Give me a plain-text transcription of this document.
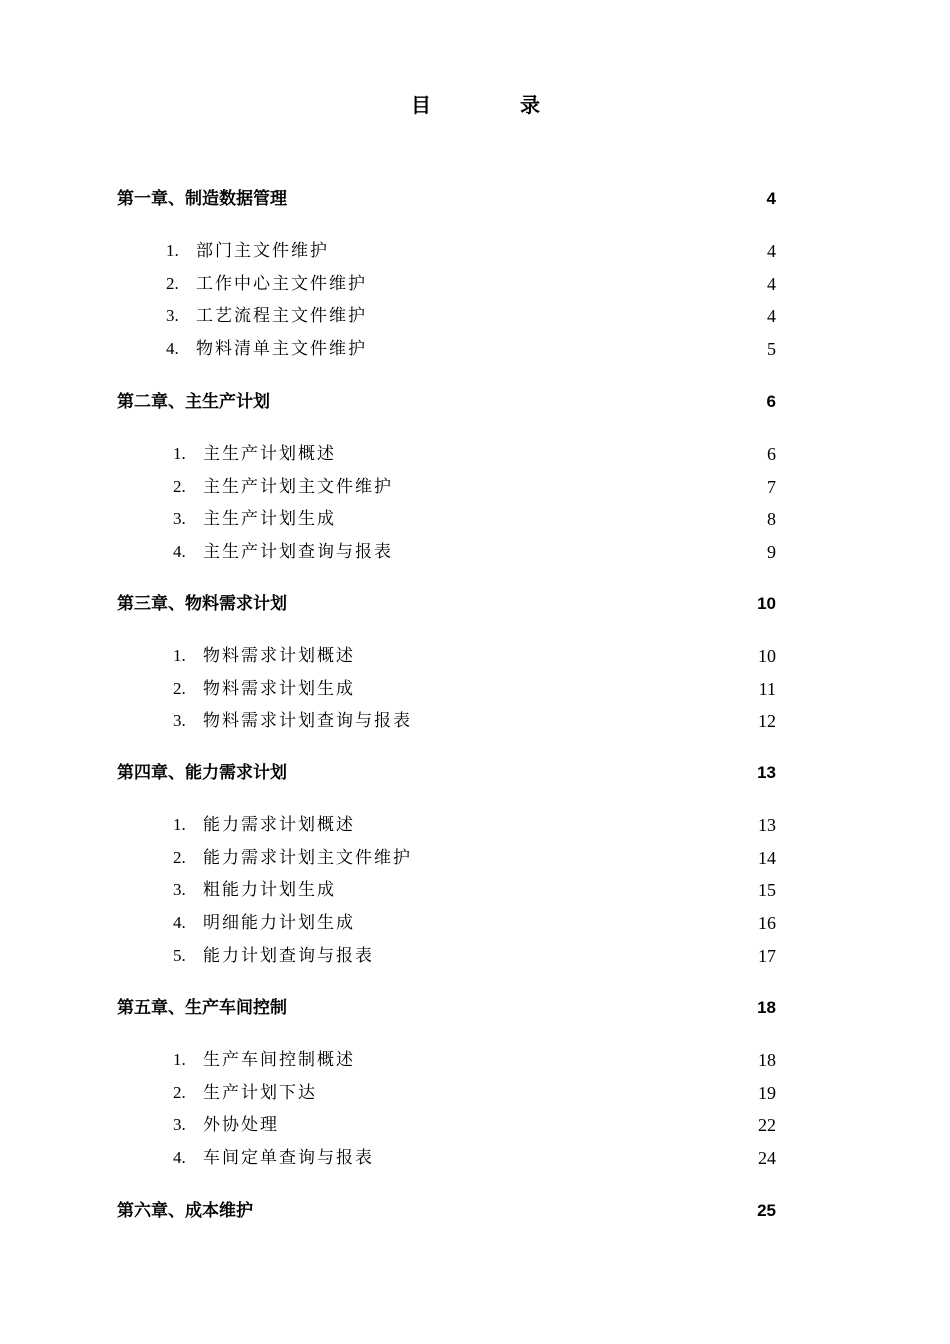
目	录
第一章、制造数据管理	4
1. 部门主文件维护	4
2. 工作中心主文件维护	4
3. 工艺流程主文件维护	4
4. 物料清单主文件维护	5
第二章、主生产计划	6
1. 主生产计划概述	6
2. 主生产计划主文件维护	7
3. 主生产计划生成	8
4. 主生产计划查询与报表	9
第三章、物料需求计划	10
1. 物料需求计划概述	10
2. 物料需求计划生成	11
3. 物料需求计划查询与报表	12
第四章、能力需求计划	13
1. 能力需求计划概述	13
2. 能力需求计划主文件维护	14
3. 粗能力计划生成	15
4. 明细能力计划生成	16
5. 能力计划查询与报表	17
第五章、生产车间控制	18
1. 生产车间控制概述	18
2. 生产计划下达	19
3. 外协处理	22
4. 车间定单查询与报表	24
第六章、成本维护	25
